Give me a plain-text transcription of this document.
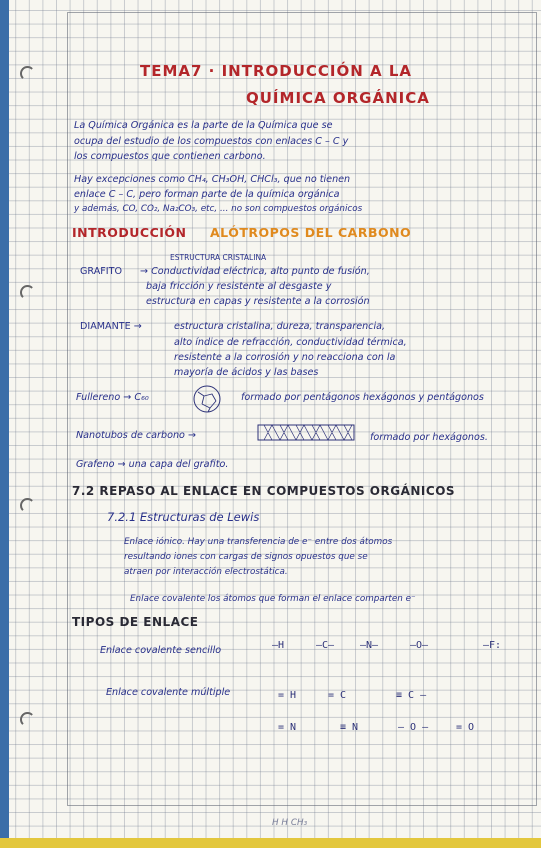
TEMA7 · INTRODUCCIÓN A LA
QUÍMICA ORGÁNICA
La Química Orgánica es la parte de la Química que se
ocupa del estudio de los compuestos con enlaces C – C y
los compuestos que contienen carbono.
Hay excepciones como CH₄, CH₃OH, CHCl₃, que no tienen
enlace C – C, pero forman parte de la química orgánica
y además, CO, CO₂, Na₂CO₃, etc, ... no son compuestos orgánicos
INTRODUCCIÓN ALÓTROPOS DEL CARBONO
ESTRUCTURA CRISTALINA
GRAFITO → Conductividad eléctrica, alto punto de fusión,
baja fricción y resistente al desgaste y
estructura en capas y resistente a la corrosión
DIAMANTE →	estructura cristalina, dureza, transparencia,
alto índice de refracción, conductividad térmica,
resistente a la corrosión y no reacciona con la
mayoría de ácidos y las bases
Fullereno → C₆₀	formado por pentágonos hexágonos y pentágonos
Nanotubos de carbono →	formado por hexágonos.
Grafeno → una capa del grafito.
7.2 REPASO AL ENLACE EN COMPUESTOS ORGÁNICOS
7.2.1 Estructuras de Lewis
Enlace iónico. Hay una transferencia de e⁻ entre dos átomos
resultando iones con cargas de signos opuestos que se
atraen por interacción electrostática.
Enlace covalente los átomos que forman el enlace comparten e⁻
TIPOS DE ENLACE
Enlace covalente sencillo	–H	–C–	–N–	–O–	–F:
Enlace covalente múltiple	= H	= C	≡ C –
= N	≡ N	– O –	= O
H H CH₃
